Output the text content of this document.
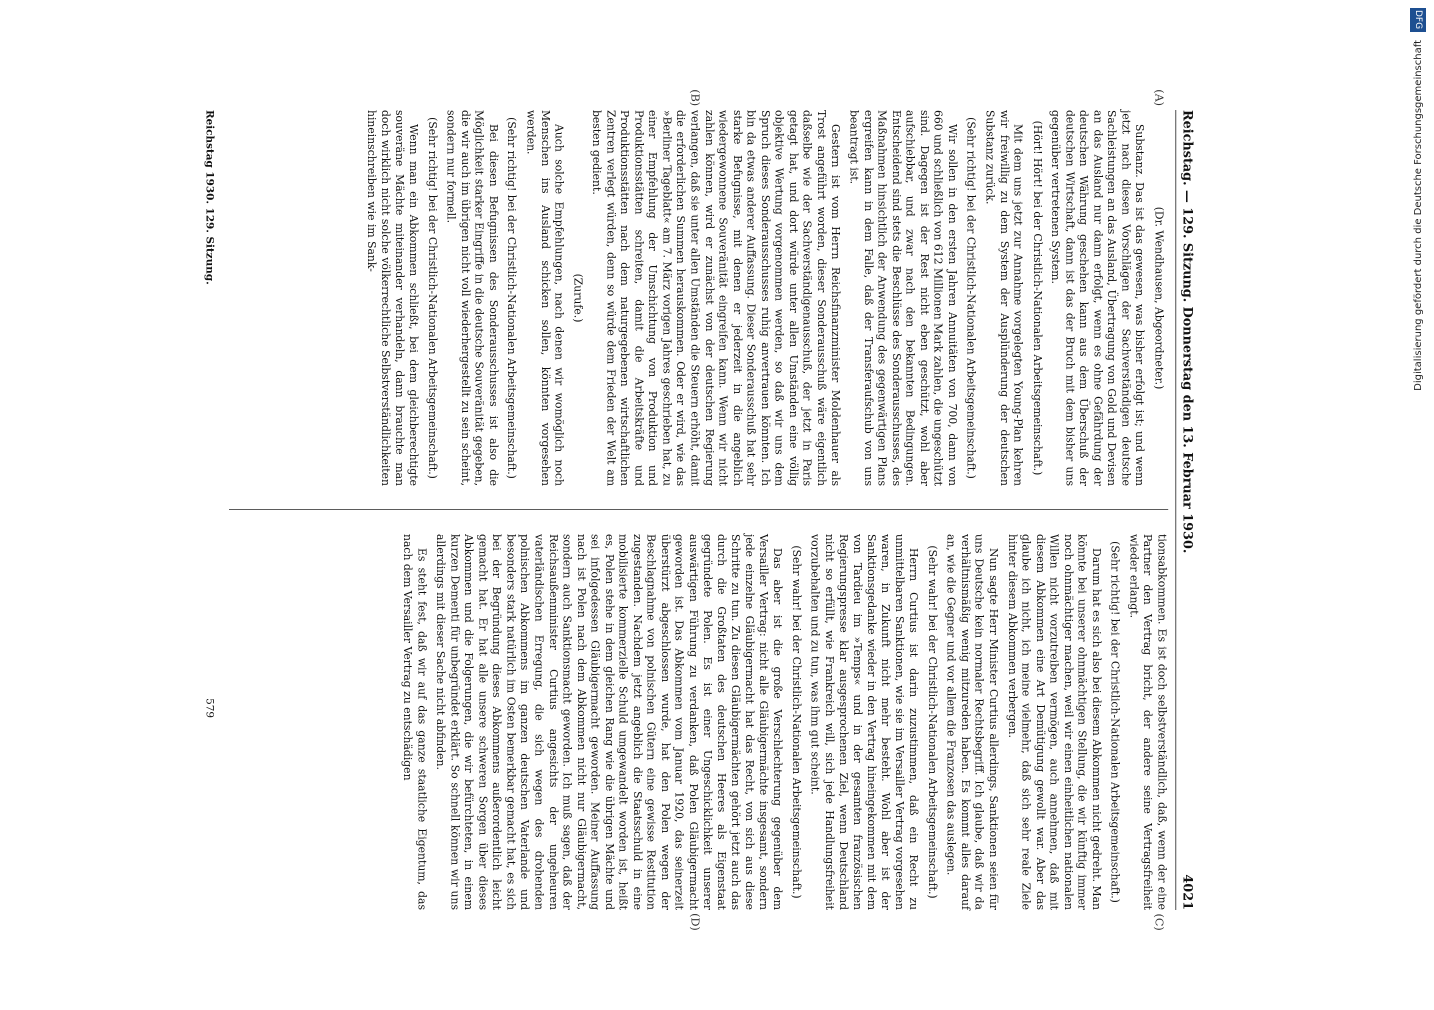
DFG
Digitalisierung gefördert durch die Deutsche Forschungsgemeinschaft
Reichstag. — 129. Sitzung. Donnerstag den 13. Februar 1930.
4021

(Dr. Wendhausen, Abgeordneter.)

Substanz. Das ist das gewesen, was bisher erfolgt ist; und wenn jetzt nach diesen Vorschlägen der Sachverständigen deutsche Sachleistungen an das Ausland, Übertragung von Gold und Devisen an das Ausland nur dann erfolgt, wenn es ohne Gefährdung der deutschen Währung geschehen kann aus dem Überschuß der deutschen Wirtschaft, dann ist das der Bruch mit dem bisher uns gegenüber vertretenen System.

(Hört! Hört! bei der Christlich-Nationalen Arbeitsgemeinschaft.)

Mit dem uns jetzt zur Annahme vorgelegten Young-Plan kehren wir freiwillig zu dem System der Ausplünderung der deutschen Substanz zurück.

(Sehr richtig! bei der Christlich-Nationalen Arbeitsgemeinschaft.)

Wir sollen in den ersten Jahren Annuitäten von 700, dann von 660 und schließlich von 612 Millionen Mark zahlen, die ungeschützt sind. Dagegen ist der Rest nicht eben geschützt, wohl aber aufschiebbar, und zwar nach den bekannten Bedingungen. Entscheidend sind stets die Beschlüsse des Sonderausschusses, des Maßnahmen hinsichtlich der Anwendung des gegenwärtigen Plans ergreifen kann in dem Falle, daß der Transferaufschub von uns beantragt ist.

Gestern ist vom Herrn Reichsfinanzminister Moldenhauer als Trost angeführt worden, dieser Sonderausschuß wäre eigentlich daßselbe wie der Sachverständigenausschuß, der jetzt in Paris getagt hat, und dort würde unter allen Umständen eine völlig objektive Wertung vorgenommen werden, so daß wir uns dem Spruch dieses Sonderausschusses ruhig anvertrauen könnten. Ich bin da etwas anderer Auffassung. Dieser Sonderausschuß hat sehr starke Befugnisse, mit denen er jederzeit in die angeblich wiedergewonnene Souveränität eingreifen kann. Wenn wir nicht zahlen können, wird er zunächst von der deutschen Regierung verlangen, daß sie unter allen Umständen die Steuern erhöht, damit die erforderlichen Summen herauskommen. Oder er wird, wie das »Berliner Tageblatt« am 7. März vorigen Jahres geschrieben hat, zu einer Empfehlung der Umschichtung von Produktion und Produktionsstätten schreiten, damit die Arbeitskräfte und Produktionsstätten nach dem naturgegebenen wirtschaftlichen Zentren verlegt würden, denn so würde dem Frieden der Welt am besten gedient.

(Zurufe.)

Auch solche Empfehlungen, nach denen wir womöglich noch Menschen ins Ausland schicken sollen, könnten vorgesehen werden.

(Sehr richtig! bei der Christlich-Nationalen Arbeitsgemeinschaft.)

Bei diesen Befugnissen des Sonderausschusses ist also die Möglichkeit starker Eingriffe in die deutsche Souveränität gegeben, die wir auch im übrigen nicht voll wiederhergestellt zu sein scheint, sondern nur formell.

(Sehr richtig! bei der Christlich-Nationalen Arbeitsgemeinschaft.)

Wenn man ein Abkommen schließt, bei dem gleichberechtigte souveräne Mächte miteinander verhandeln, dann brauchte man doch wirklich nicht solche völkerrechtliche Selbstverständlichkeiten hineinschreiben wie im Sank-

tionsabkommen. Es ist doch selbstverständlich, daß, wenn der eine Partner den Vertrag bricht, der andere seine Vertragsfreiheit wieder erlangt.

(Sehr richtig! bei der Christlich-Nationalen Arbeitsgemeinschaft.)

Darum hat es sich also bei diesem Abkommen nicht gedreht. Man könnte bei unserer ohnmächtigen Stellung, die wir künftig immer noch ohnmächtiger machen, weil wir einen einheitlichen nationalen Willen nicht vorzutreiben vermögen, auch annehmen, daß mit diesem Abkommen eine Art Demütigung gewollt war. Aber das glaube ich nicht, ich meine vielmehr, daß sich sehr reale Ziele hinter diesem Abkommen verbergen.

Nun sagte Herr Minister Curtius allerdings, Sanktionen seien für uns Deutsche kein normaler Rechtsbegriff. Ich glaube, daß wir da verhältnismäßig wenig mitzureden haben. Es kommt alles darauf an, wie die Gegner und vor allem die Franzosen das auslegen.

(Sehr wahr! bei der Christlich-Nationalen Arbeitsgemeinschaft.)

Herrn Curtius ist darin zuzustimmen, daß ein Recht zu unmittelbaren Sanktionen, wie sie im Versailler Vertrag vorgesehen waren, in Zukunft nicht mehr besteht. Wohl aber ist der Sanktionsgedanke wieder in den Vertrag hineingekommen mit dem von Tardieu im »Temps« und in der gesamten französischen Regierungspresse klar ausgesprochenen Ziel, wenn Deutschland nicht so erfüllt, wie Frankreich will, sich jede Handlungsfreiheit vorzubehalten und zu tun, was ihm gut scheint.

(Sehr wahr! bei der Christlich-Nationalen Arbeitsgemeinschaft.)

Das aber ist die große Verschlechterung gegenüber dem Versailler Vertrag: nicht alle Gläubigermächte insgesamt, sondern jede einzelne Gläubigermacht hat das Recht, von sich aus diese Schritte zu tun. Zu diesen Gläubigermächten gehört jetzt auch das durch die Großtaten des deutschen Heeres als Eigenstaat gegründete Polen. Es ist einer Ungeschicklichkeit unserer auswärtigen Führung zu verdanken, daß Polen Gläubigermacht geworden ist. Das Abkommen vom Januar 1920, das seinerzeit überstürzt abgeschlossen wurde, hat den Polen wegen der Beschlagnahme von polnischen Gütern eine gewisse Restitution zugestanden. Nachdem jetzt angeblich die Staatsschuld in eine mobilisierte kommerzielle Schuld umgewandelt worden ist, heißt es, Polen stehe in dem gleichen Rang wie die übrigen Mächte und sei infolgedessen Gläubigermacht geworden. Meiner Auffassung nach ist Polen nach dem Abkommen nicht nur Gläubigermacht, sondern auch Sanktionsmacht geworden. Ich muß sagen, daß der Reichsaußenminister Curtius angesichts der ungeheuren vaterländischen Erregung, die sich wegen des drohenden polnischen Abkommens im ganzen deutschen Vaterlande und besonders stark natürlich im Osten bemerkbar gemacht hat, es sich bei der Begründung dieses Abkommens außerordentlich leicht gemacht hat. Er hat alle unsere schweren Sorgen über dieses Abkommen und die Folgerungen, die wir befürchteten, in einem kurzen Dementi für unbegründet erklärt. So schnell können wir uns allerdings mit dieser Sache nicht abfinden.

Es steht fest, daß wir auf das ganze staatliche Eigentum, das nach dem Versailler Vertrag zu entschädigen

(A)
(B)
(C)
(D)
Reichstag 1930. 129. Sitzung.
579
